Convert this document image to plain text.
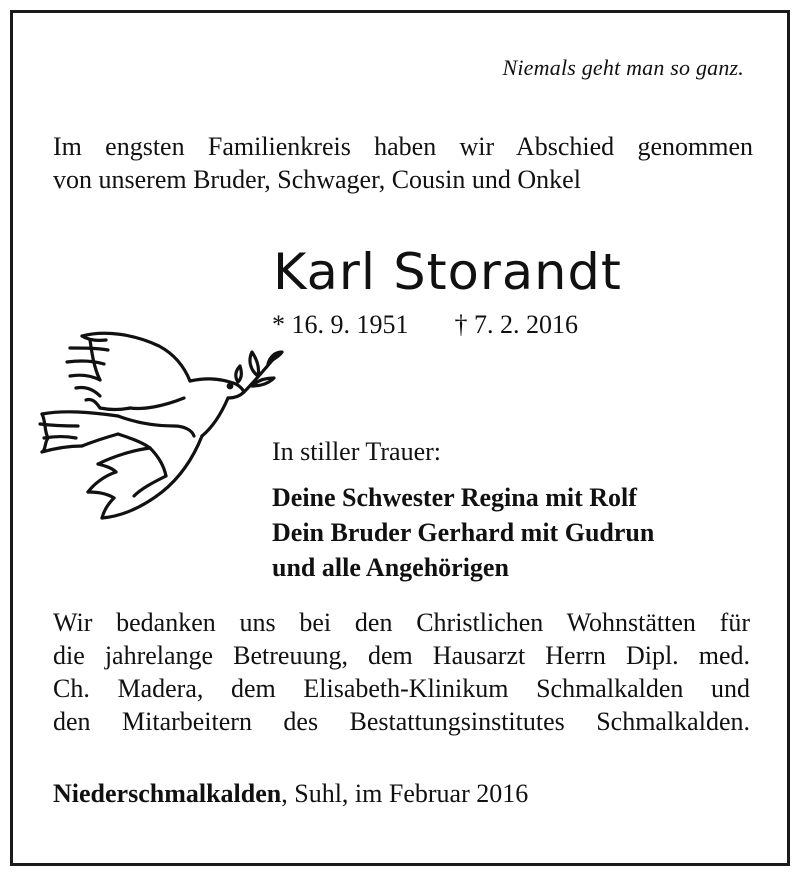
Niemals geht man so ganz.
Im engsten Familienkreis haben wir Abschied genommen
von unserem Bruder, Schwager, Cousin und Onkel
Karl Storandt
* 16. 9. 1951 † 7. 2. 2016
In stiller Trauer:
Deine Schwester Regina mit Rolf
Dein Bruder Gerhard mit Gudrun
und alle Angehörigen
Wir bedanken uns bei den Christlichen Wohnstätten für
die jahrelange Betreuung, dem Hausarzt Herrn Dipl. med.
Ch. Madera, dem Elisabeth-Klinikum Schmalkalden und
den Mitarbeitern des Bestattungsinstitutes Schmalkalden.
Niederschmalkalden, Suhl, im Februar 2016
